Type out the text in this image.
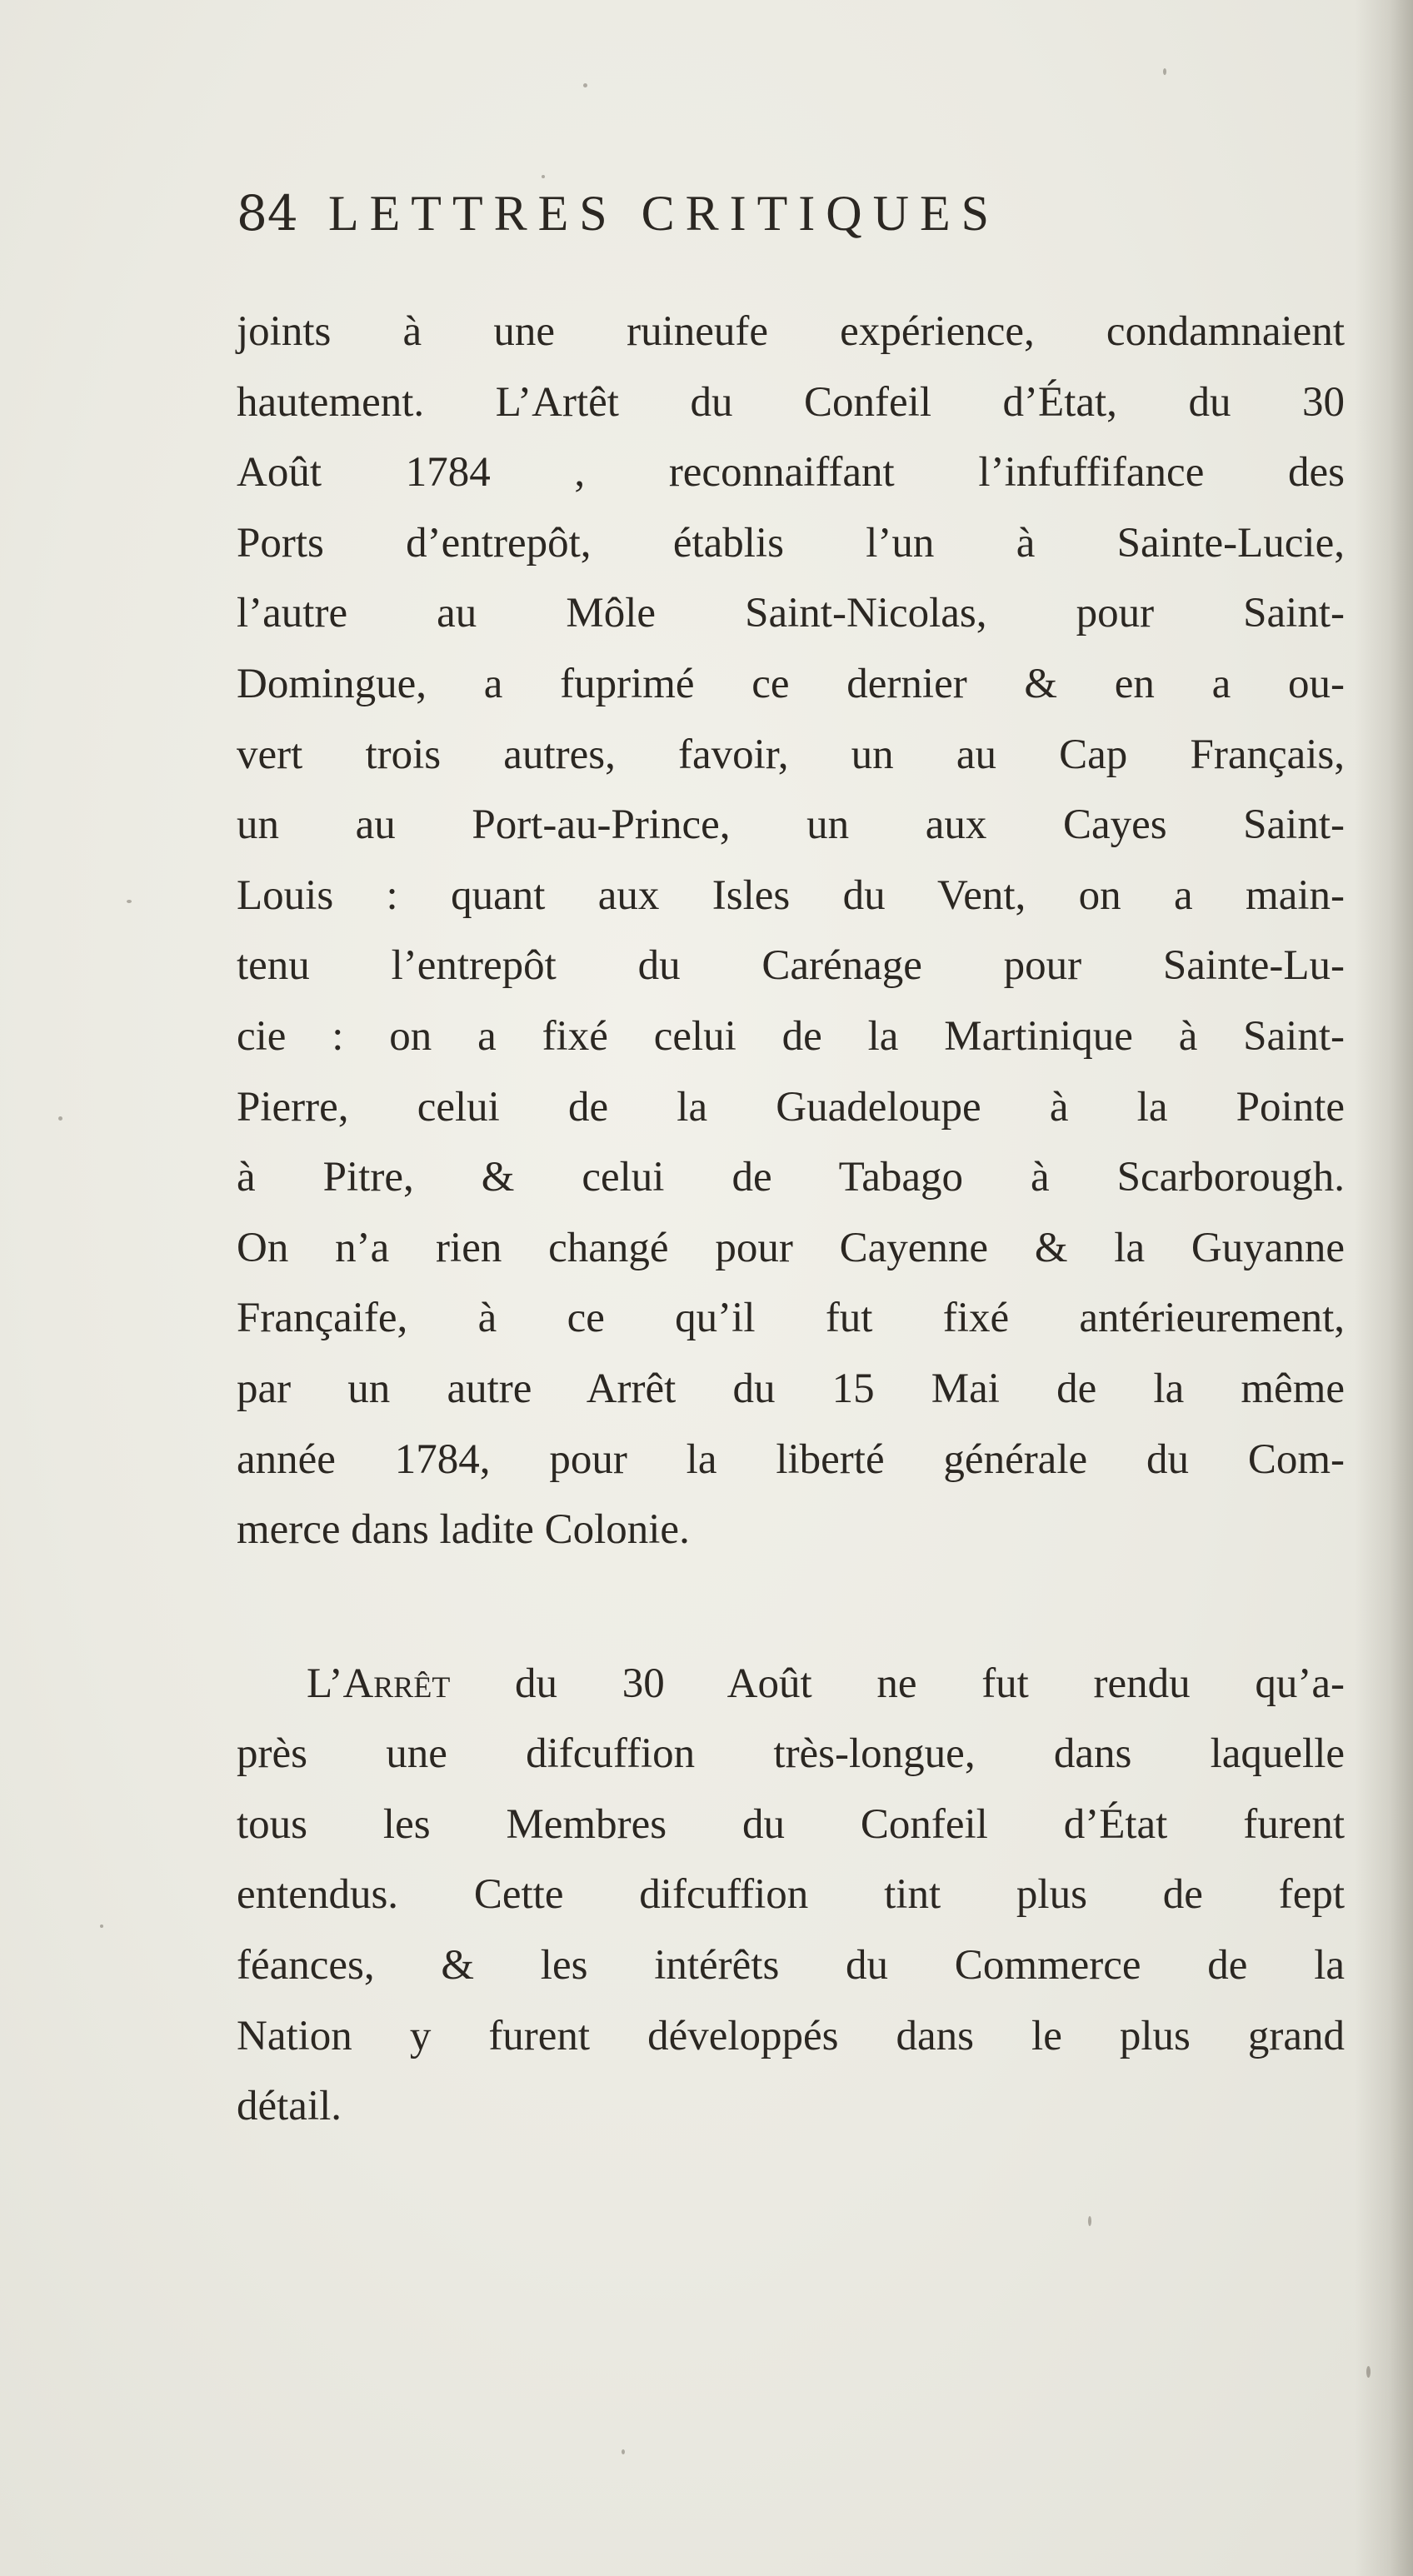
84 LETTRES CRITIQUES
joints à une ruineufe expérience, condamnaient
hautement. L’Artêt du Confeil d’État, du 30
Août 1784 , reconnaiffant l’infuffifance des
Ports d’entrepôt, établis l’un à Sainte-Lucie,
l’autre au Môle Saint-Nicolas, pour Saint-
Domingue, a fuprimé ce dernier & en a ou-
vert trois autres, favoir, un au Cap Français,
un au Port-au-Prince, un aux Cayes Saint-
Louis : quant aux Isles du Vent, on a main-
tenu l’entrepôt du Carénage pour Sainte-Lu-
cie : on a fixé celui de la Martinique à Saint-
Pierre, celui de la Guadeloupe à la Pointe
à Pitre, & celui de Tabago à Scarborough.
On n’a rien changé pour Cayenne & la Guyanne
Françaife, à ce qu’il fut fixé antérieurement,
par un autre Arrêt du 15 Mai de la même
année 1784, pour la liberté générale du Com-
merce dans ladite Colonie.
L’Arrêt du 30 Août ne fut rendu qu’a-
près une difcuffion très-longue, dans laquelle
tous les Membres du Confeil d’État furent
entendus. Cette difcuffion tint plus de fept
féances, & les intérêts du Commerce de la
Nation y furent développés dans le plus grand
détail.
